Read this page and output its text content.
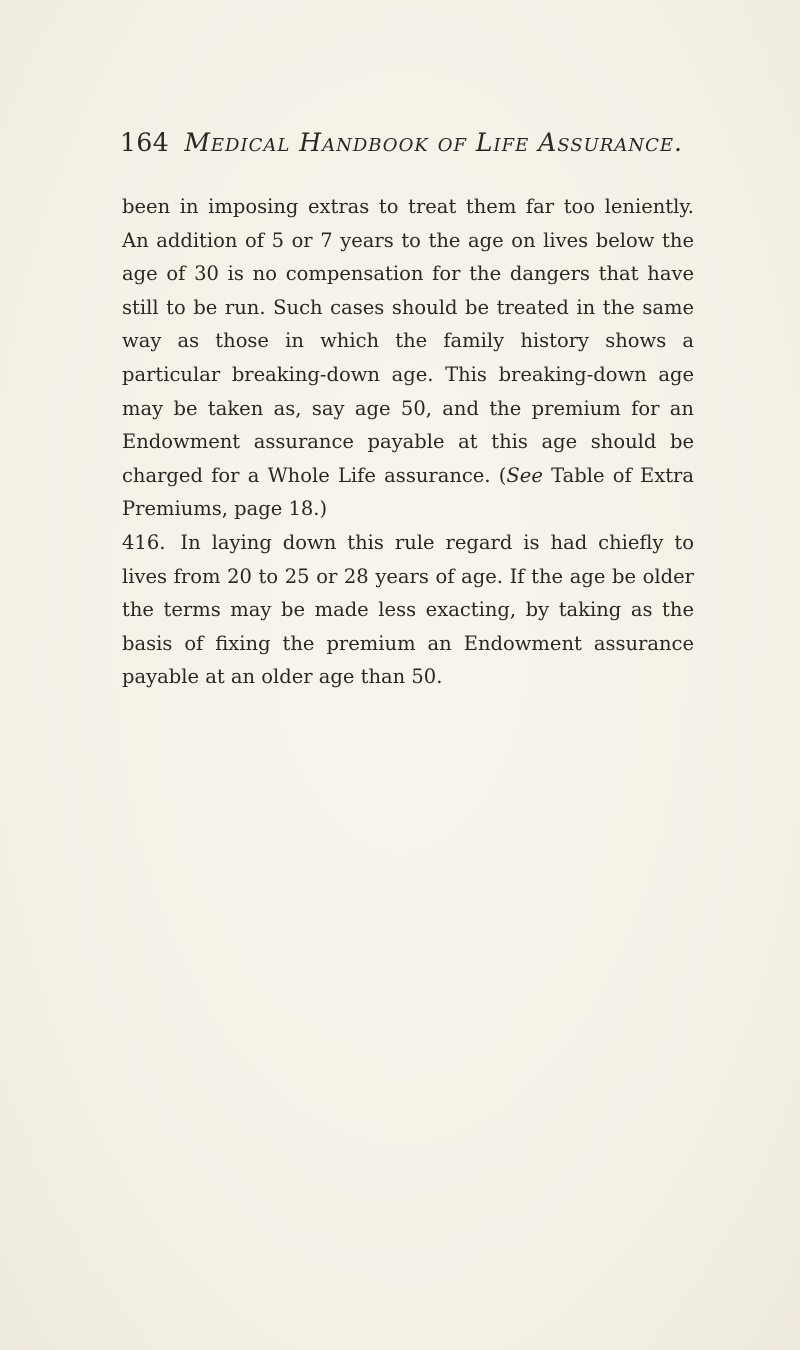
164 Medical Handbook of Life Assurance.

been in imposing extras to treat them far too leniently. An addition of 5 or 7 years to the age on lives below the age of 30 is no compensation for the dangers that have still to be run. Such cases should be treated in the same way as those in which the family history shows a particular breaking-down age. This breaking-down age may be taken as, say age 50, and the premium for an Endowment assurance payable at this age should be charged for a Whole Life assurance. (See Table of Extra Premiums, page 18.)

416. In laying down this rule regard is had chiefly to lives from 20 to 25 or 28 years of age. If the age be older the terms may be made less exacting, by taking as the basis of fixing the premium an Endowment assurance payable at an older age than 50.
